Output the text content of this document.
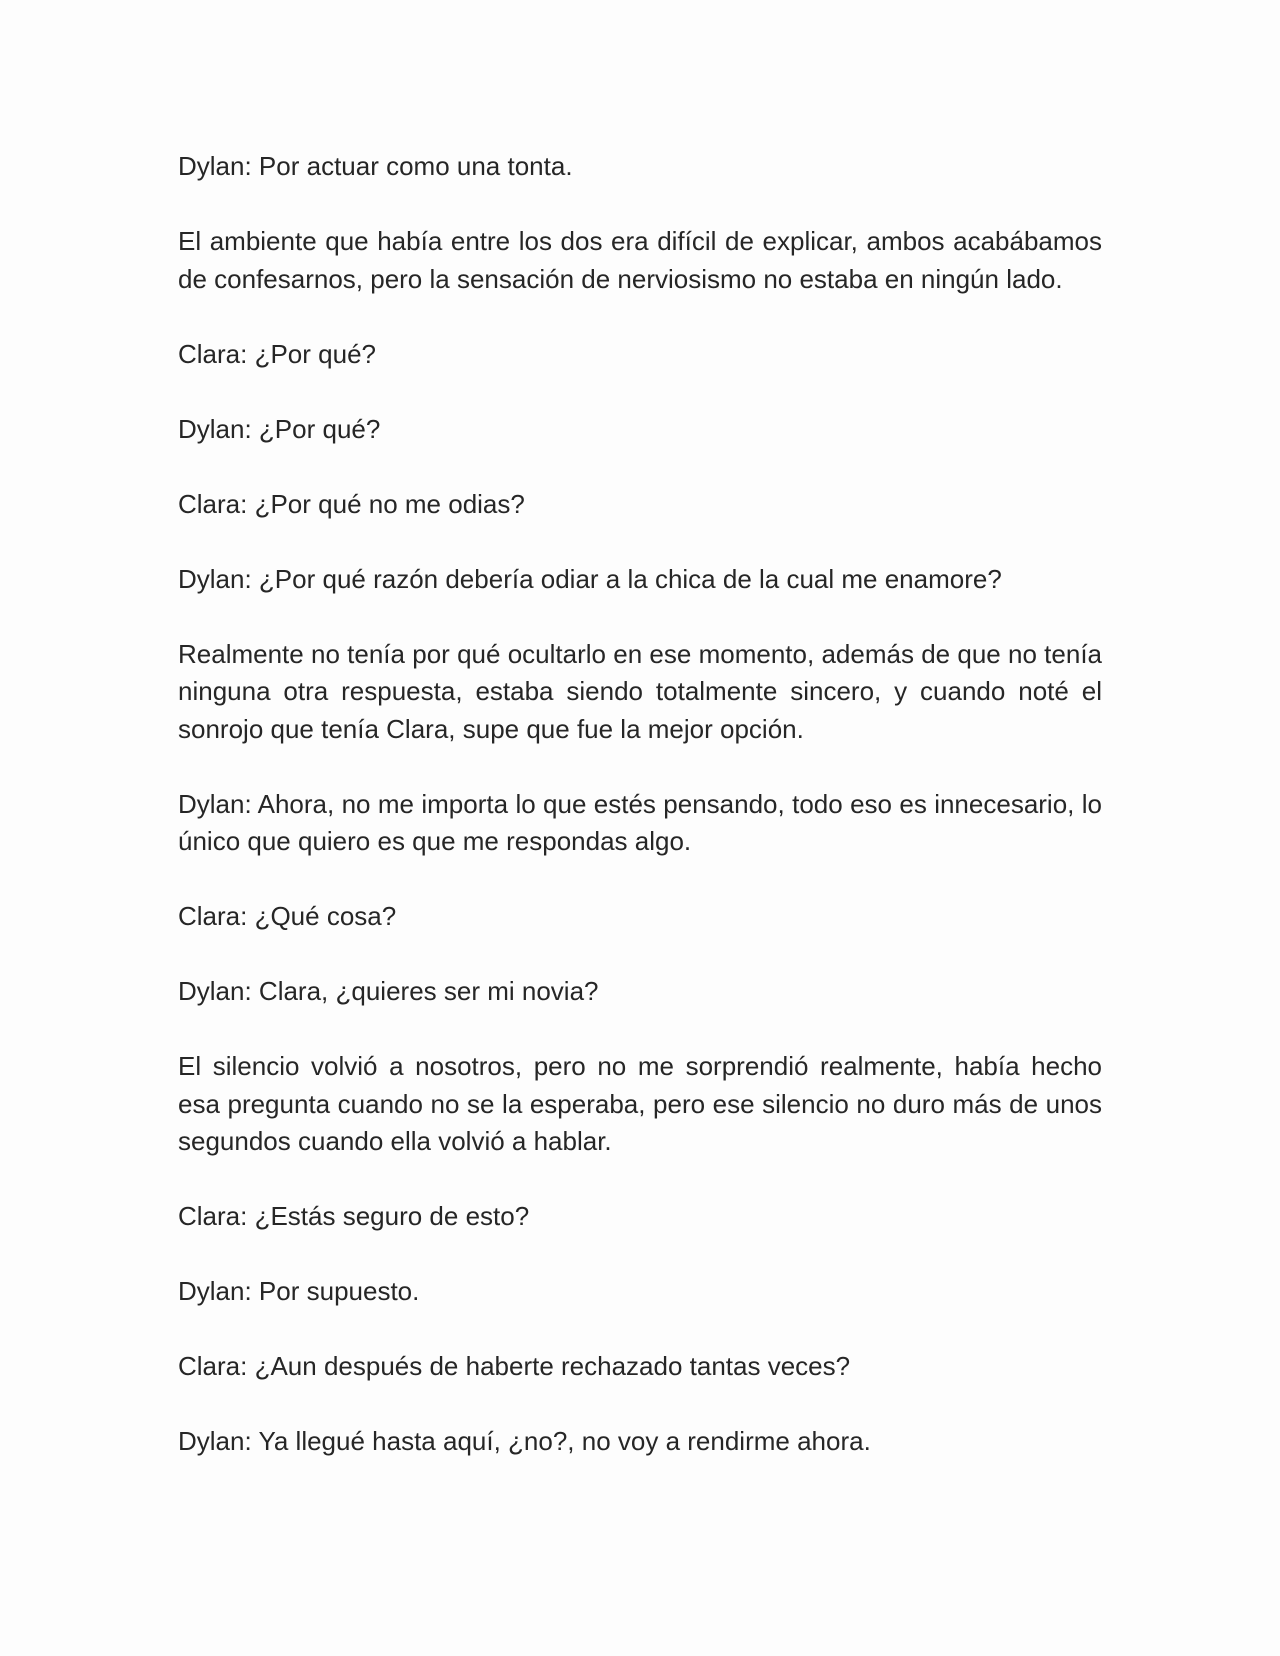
Dylan: Por actuar como una tonta.

El ambiente que había entre los dos era difícil de explicar, ambos acabábamos de confesarnos, pero la sensación de nerviosismo no estaba en ningún lado.

Clara: ¿Por qué?

Dylan: ¿Por qué?

Clara: ¿Por qué no me odias?

Dylan: ¿Por qué razón debería odiar a la chica de la cual me enamore?

Realmente no tenía por qué ocultarlo en ese momento, además de que no tenía ninguna otra respuesta, estaba siendo totalmente sincero, y cuando noté el sonrojo que tenía Clara, supe que fue la mejor opción.

Dylan: Ahora, no me importa lo que estés pensando, todo eso es innecesario, lo único que quiero es que me respondas algo.

Clara: ¿Qué cosa?

Dylan: Clara, ¿quieres ser mi novia?

El silencio volvió a nosotros, pero no me sorprendió realmente, había hecho esa pregunta cuando no se la esperaba, pero ese silencio no duro más de unos segundos cuando ella volvió a hablar.

Clara: ¿Estás seguro de esto?

Dylan: Por supuesto.

Clara: ¿Aun después de haberte rechazado tantas veces?

Dylan: Ya llegué hasta aquí, ¿no?, no voy a rendirme ahora.
